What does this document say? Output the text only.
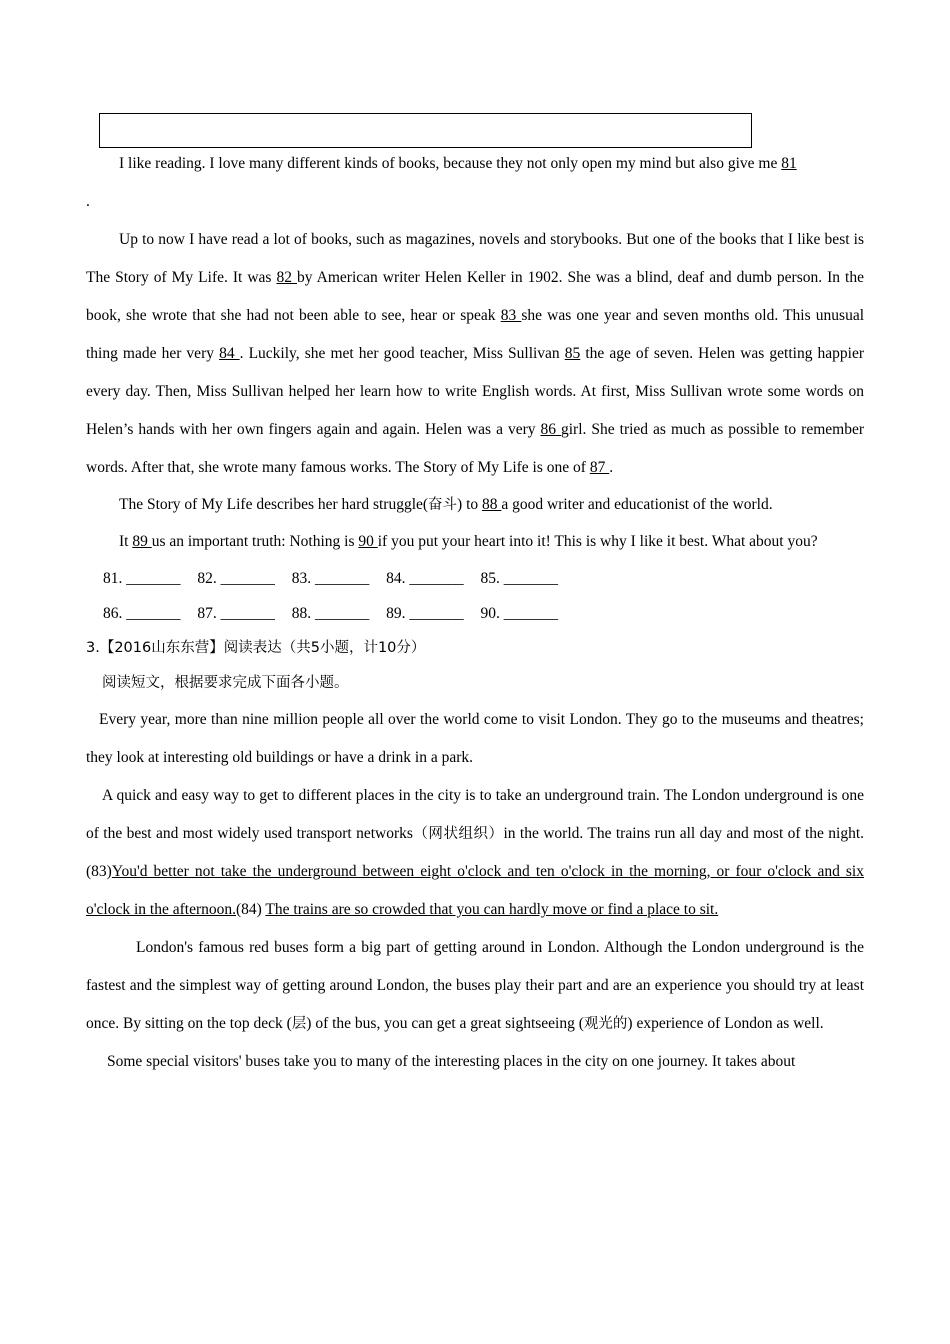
I like reading. I love many different kinds of books, because they not only open my mind but also give me 81
.

Up to now I have read a lot of books, such as magazines, novels and storybooks. But one of the books that I like best is The Story of My Life. It was 82 by American writer Helen Keller in 1902. She was a blind, deaf and dumb person. In the book, she wrote that she had not been able to see, hear or speak 83 she was one year and seven months old. This unusual thing made her very 84 . Luckily, she met her good teacher, Miss Sullivan 85 the age of seven. Helen was getting happier every day. Then, Miss Sullivan helped her learn how to write English words. At first, Miss Sullivan wrote some words on Helen’s hands with her own fingers again and again. Helen was a very 86 girl. She tried as much as possible to remember words. After that, she wrote many famous works. The Story of My Life is one of 87 .

The Story of My Life describes her hard struggle(奋斗) to 88 a good writer and educationist of the world.

It 89 us an important truth: Nothing is 90 if you put your heart into it! This is why I like it best. What about you?

81. _______ 82. _______ 83. _______ 84. _______ 85. _______
86. _______ 87. _______ 88. _______ 89. _______ 90. _______

3.【2016山东东营】阅读表达（共5小题，计10分）

阅读短文，根据要求完成下面各小题。

Every year, more than nine million people all over the world come to visit London. They go to the museums and theatres; they look at interesting old buildings or have a drink in a park.

A quick and easy way to get to different places in the city is to take an underground train. The London underground is one of the best and most widely used transport networks（网状组织）in the world. The trains run all day and most of the night. (83)You'd better not take the underground between eight o'clock and ten o'clock in the morning, or four o'clock and six o'clock in the afternoon.(84) The trains are so crowded that you can hardly move or find a place to sit.

London's famous red buses form a big part of getting around in London. Although the London underground is the fastest and the simplest way of getting around London, the buses play their part and are an experience you should try at least once. By sitting on the top deck (层) of the bus, you can get a great sightseeing (观光的) experience of London as well.

Some special visitors' buses take you to many of the interesting places in the city on one journey. It takes about
